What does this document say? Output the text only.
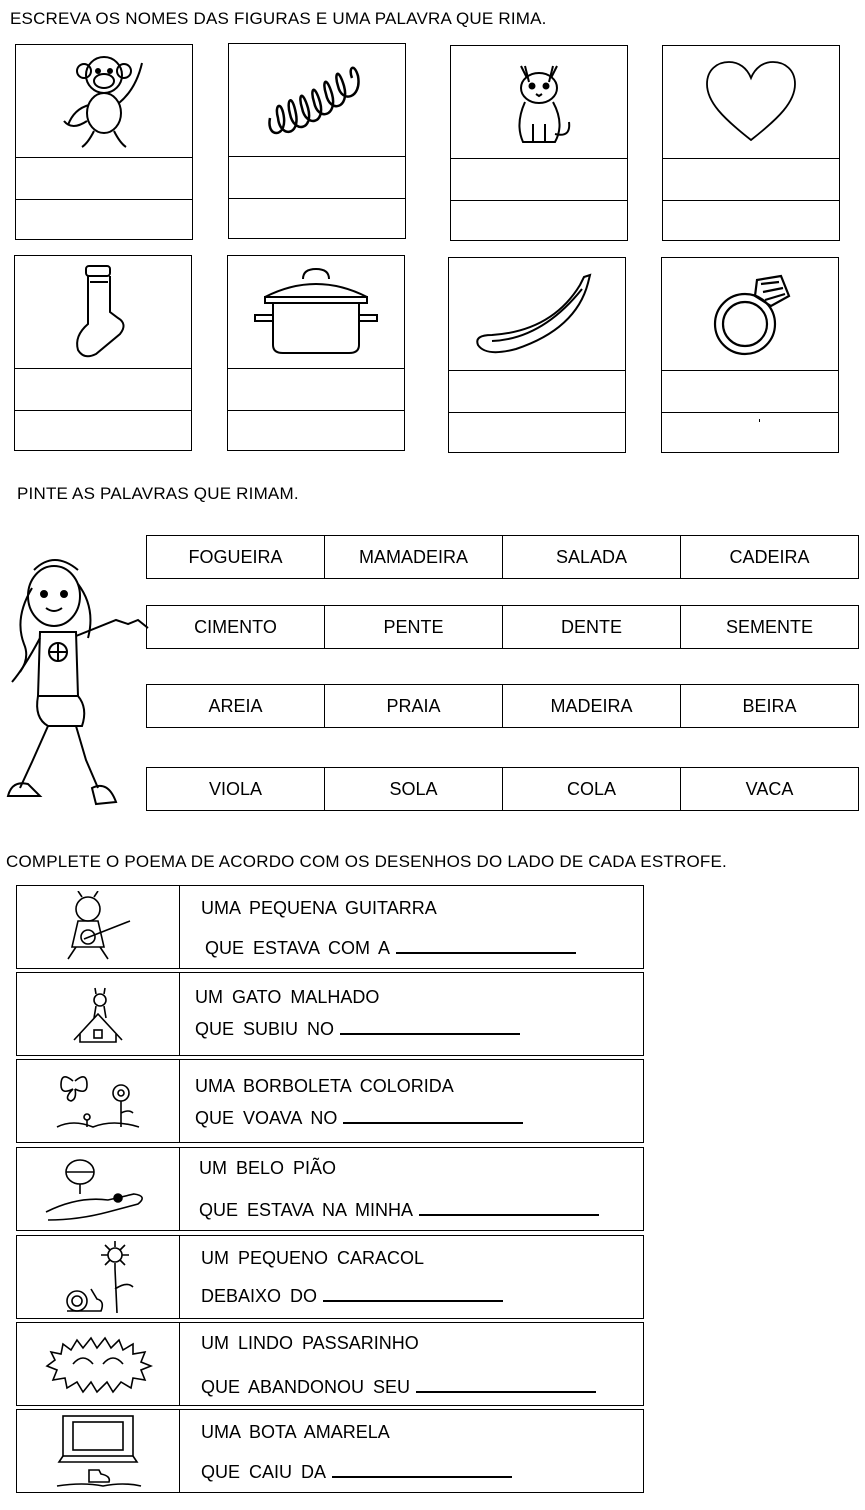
ESCREVA OS NOMES DAS FIGURAS E UMA PALAVRA QUE RIMA.
PINTE AS PALAVRAS QUE RIMAM.
FOGUEIRA	MAMADEIRA	SALADA	CADEIRA
CIMENTO	PENTE	DENTE	SEMENTE
AREIA	PRAIA	MADEIRA	BEIRA
VIOLA	SOLA	COLA	VACA
COMPLETE O POEMA DE ACORDO COM OS DESENHOS DO LADO DE CADA ESTROFE.
UMA PEQUENA GUITARRA
QUE ESTAVA COM A
UM GATO MALHADO
QUE SUBIU NO
UMA BORBOLETA COLORIDA
QUE VOAVA NO
UM BELO PIÃO
QUE ESTAVA NA MINHA
UM PEQUENO CARACOL
DEBAIXO DO
UM LINDO PASSARINHO
QUE ABANDONOU SEU
UMA BOTA AMARELA
QUE CAIU DA
